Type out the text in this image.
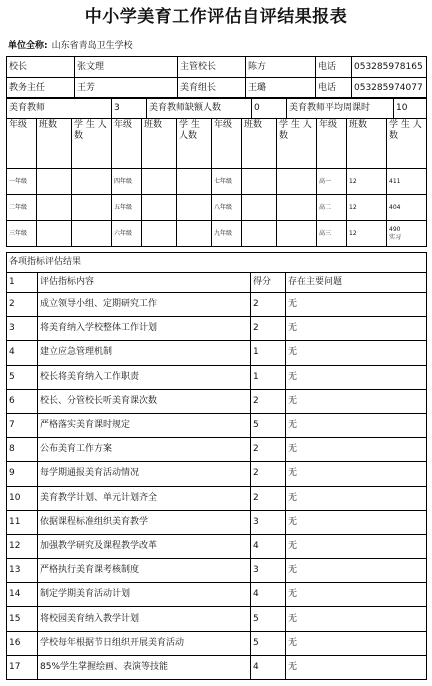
中小学美育工作评估自评结果报表
单位全称: 山东省青岛卫生学校
校长	张文理	主管校长	陈方	电话	053285978165
教务主任	王芳	美育组长	王璐	电话	053285974077
美育教师	3	美育教师缺额人数	0	美育教师平均周课时	10
年级	班数	学 生 人数	年级	班数	学 生 人数	年级	班数	学 生 人数	年级	班数	学 生 人数
一年级			四年级			七年级			高一	12	411

二年级			五年级			八年级			高二	12	404

三年级			六年级			九年级			高三	12	490
实习
各项指标评估结果			
1	评估指标内容	得分	存在主要问题
2	成立领导小组、定期研究工作	2	无
3	将美育纳入学校整体工作计划	2	无
4	建立应急管理机制	1	无
5	校长将美育纳入工作职责	1	无
6	校长、分管校长听美育课次数	2	无
7	严格落实美育课时规定	5	无
8	公布美育工作方案	2	无
9	每学期通报美育活动情况	2	无
10	美育教学计划、单元计划齐全	2	无
11	依据课程标准组织美育教学	3	无
12	加强教学研究及课程教学改革	4	无
13	严格执行美育课考核制度	3	无
14	制定学期美育活动计划	4	无
15	将校园美育纳入教学计划	5	无
16	学校每年根据节日组织开展美育活动	5	无
17	85%学生掌握绘画、表演等技能	4	无
